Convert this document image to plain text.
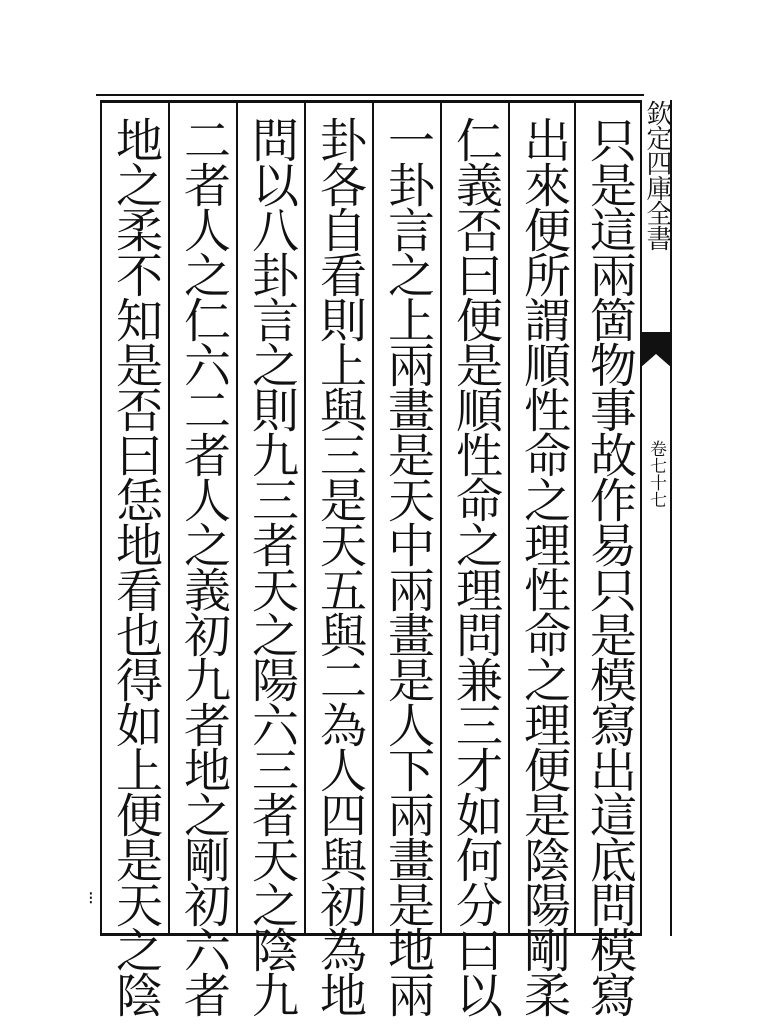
只是這兩箇物事故作易只是模寫出這底問模寫
出來便所謂順性命之理性命之理便是陰陽剛柔
仁義否曰便是順性命之理問兼三才如何分曰以
一卦言之上兩畫是天中兩畫是人下兩畫是地兩
卦各自看則上與三是天五與二為人四與初為地
問以八卦言之則九三者天之陽六三者天之陰九
二者人之仁六二者人之義初九者地之剛初六者
地之柔不知是否曰恁地看也得如上便是天之陰	欽定四庫全書
卷七十七
⁝
